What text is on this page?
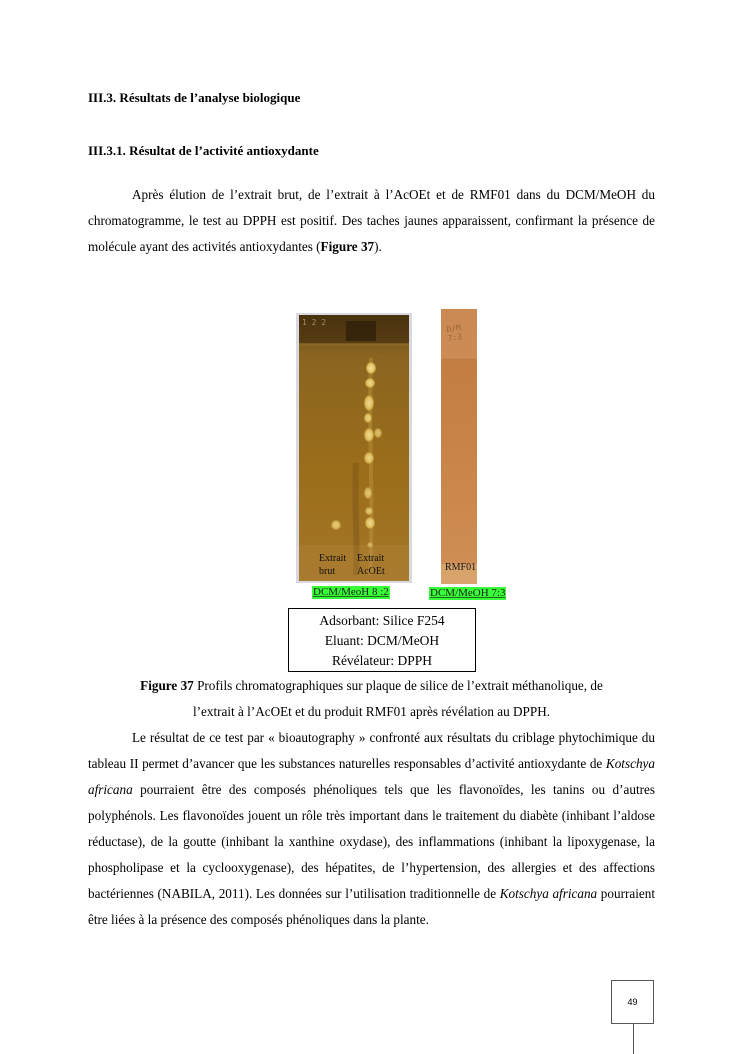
III.3. Résultats de l’analyse biologique
III.3.1. Résultat de l’activité antioxydante
Après élution de l’extrait brut, de l’extrait à l’AcOEt et de RMF01 dans du DCM/MeOH du chromatogramme, le test au DPPH est positif. Des taches jaunes apparaissent, confirmant la présence de molécule ayant des activités antioxydantes (Figure 37).
Extrait
brut
Extrait
AcOEt
1 2 2
DCM/MeoH 8 :2
D/M 7:3
RMF01
DCM/MeOH 7:3
Adsorbant: Silice F254
Eluant: DCM/MeOH
Révélateur: DPPH
Figure 37 Profils chromatographiques sur plaque de silice de l’extrait méthanolique, de
l’extrait à l’AcOEt et du produit RMF01 après révélation au DPPH.
Le résultat de ce test par « bioautography » confronté aux résultats du criblage phytochimique du tableau II permet d’avancer que les substances naturelles responsables d’activité antioxydante de Kotschya africana pourraient être des composés phénoliques tels que les flavonoïdes, les tanins ou d’autres polyphénols. Les flavonoïdes jouent un rôle très important dans le traitement du diabète (inhibant l’aldose réductase), de la goutte (inhibant la xanthine oxydase), des inflammations (inhibant la lipoxygenase, la phospholipase et la cyclooxygenase), des hépatites, de l’hypertension, des allergies et des affections bactériennes (NABILA, 2011). Les données sur l’utilisation traditionnelle de Kotschya africana pourraient être liées à la présence des composés phénoliques dans la plante.
49
